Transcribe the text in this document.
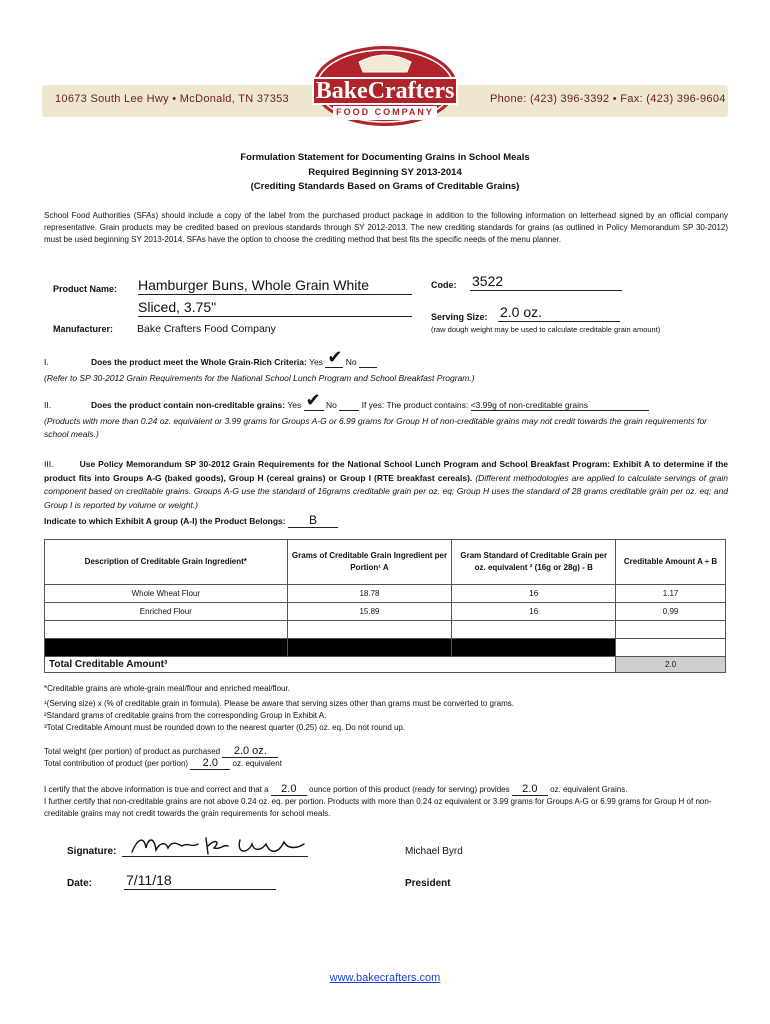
10673 South Lee Hwy • McDonald, TN 37353	Phone: (423) 396-3392 • Fax: (423) 396-9604
BakeCrafters
FOOD COMPANY
Formulation Statement for Documenting Grains in School Meals
Required Beginning SY 2013-2014
(Crediting Standards Based on Grams of Creditable Grains)
School Food Authorities (SFAs) should include a copy of the label from the purchased product package in addition to the following information on letterhead signed by an official company representative. Grain products may be credited based on previous standards through SY 2012-2013. The new crediting standards for grains (as outlined in Policy Memorandum SP 30-2012) must be used beginning SY 2013-2014. SFAs have the option to choose the crediting method that best fits the specific needs of the menu planner.
Product Name: Hamburger Buns, Whole Grain White
Sliced, 3.75"
Code: 3522
Manufacturer: Bake Crafters Food Company
Serving Size: 2.0 oz.
(raw dough weight may be used to calculate creditable grain amount)
I.	Does the product meet the Whole Grain-Rich Criteria: Yes ✔ No
(Refer to SP 30-2012 Grain Requirements for the National School Lunch Program and School Breakfast Program.)
II.	Does the product contain non-creditable grains: Yes ✔ No	If yes: The product contains: <3.99g of non-creditable grains
(Products with more than 0.24 oz. equivalent or 3.99 grams for Groups A-G or 6.99 grams for Group H of non-creditable grains may not credit towards the grain requirements for school meals.)
III.	Use Policy Memorandum SP 30-2012 Grain Requirements for the National School Lunch Program and School Breakfast Program: Exhibit A to determine if the product fits into Groups A-G (baked goods), Group H (cereal grains) or Group I (RTE breakfast cereals). (Different methodologies are applied to calculate servings of grain component based on creditable grains. Groups A-G use the standard of 16grams creditable grain per oz. eq; Group H uses the standard of 28 grams creditable grain per oz. eq; and Group I is reported by volume or weight.)
Indicate to which Exhibit A group (A-I) the Product Belongs: B
Description of Creditable Grain Ingredient*	Grams of Creditable Grain Ingredient per Portion¹ A	Gram Standard of Creditable Grain per oz. equivalent ² (16g or 28g) - B	Creditable Amount A ÷ B
Whole Wheat Flour	18.78	16	1.17
Enriched Flour	15.89	16	0.99

Total Creditable Amount³			2.0
*Creditable grains are whole-grain meal/flour and enriched meal/flour.
¹(Serving size) x (% of creditable grain in formula). Please be aware that serving sizes other than grams must be converted to grams.
²Standard grams of creditable grains from the corresponding Group in Exhibit A.
³Total Creditable Amount must be rounded down to the nearest quarter (0.25) oz. eq. Do not round up.
Total weight (per portion) of product as purchased 2.0 oz.
Total contribution of product (per portion) 2.0 oz. equivalent
I certify that the above information is true and correct and that a 2.0 ounce portion of this product (ready for serving) provides 2.0 oz. equivalent Grains.
I further certify that non-creditable grains are not above 0.24 oz. eq. per portion. Products with more than 0.24 oz equivalent or 3.99 grams for Groups A-G or 6.99 grams for Group H of non-creditable grains may not credit towards the grain requirements for school meals.
Signature:	Michael Byrd
Date: 7/11/18	President
www.bakecrafters.com
